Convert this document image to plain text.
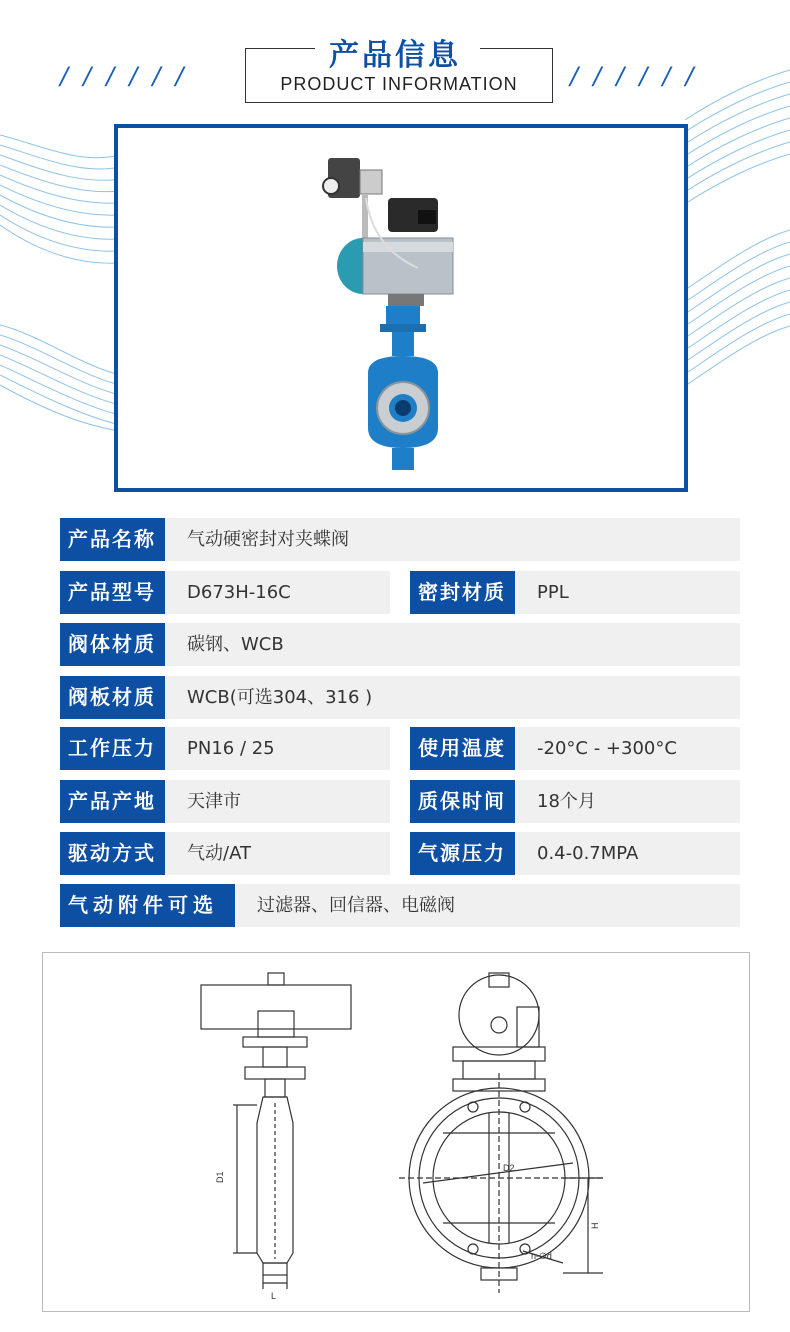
产品信息
PRODUCT INFORMATION
//////	//////
产品名称	气动硬密封对夹蝶阀
产品型号	D673H-16C	密封材质	PPL
阀体材质	碳钢、WCB
阀板材质	WCB(可选304、316 )
工作压力	PN16 / 25	使用温度	-20°C - +300°C
产品产地	天津市	质保时间	18个月
驱动方式	气动/AT	气源压力	0.4-0.7MPA
气动附件可选	过滤器、回信器、电磁阀
D1
D2
H
L
n-∅d
